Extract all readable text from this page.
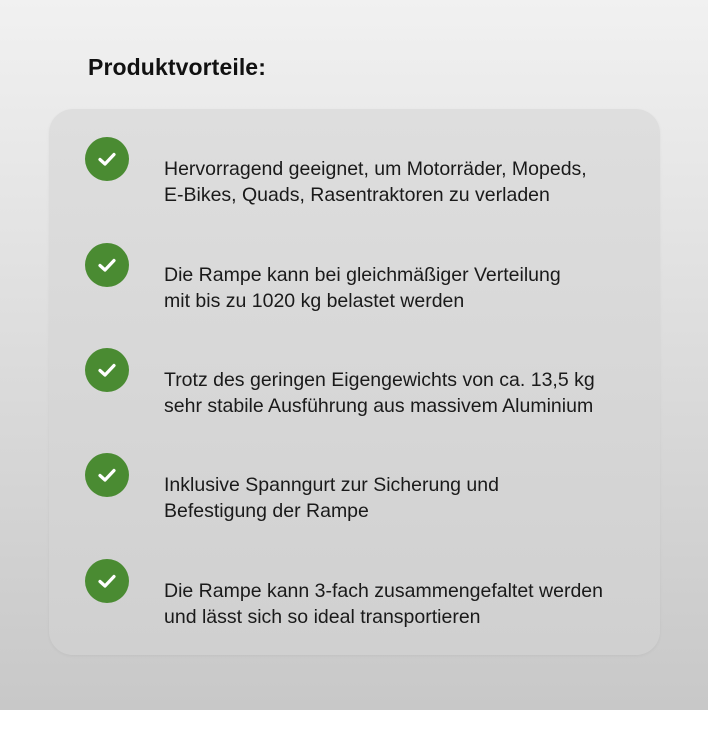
Produktvorteile:
Hervorragend geeignet, um Motorräder, Mopeds,
E-Bikes, Quads, Rasentraktoren zu verladen
Die Rampe kann bei gleichmäßiger Verteilung
mit bis zu 1020 kg belastet werden
Trotz des geringen Eigengewichts von ca. 13,5 kg
sehr stabile Ausführung aus massivem Aluminium
Inklusive Spanngurt zur Sicherung und
Befestigung der Rampe
Die Rampe kann 3-fach zusammengefaltet werden
und lässt sich so ideal transportieren
